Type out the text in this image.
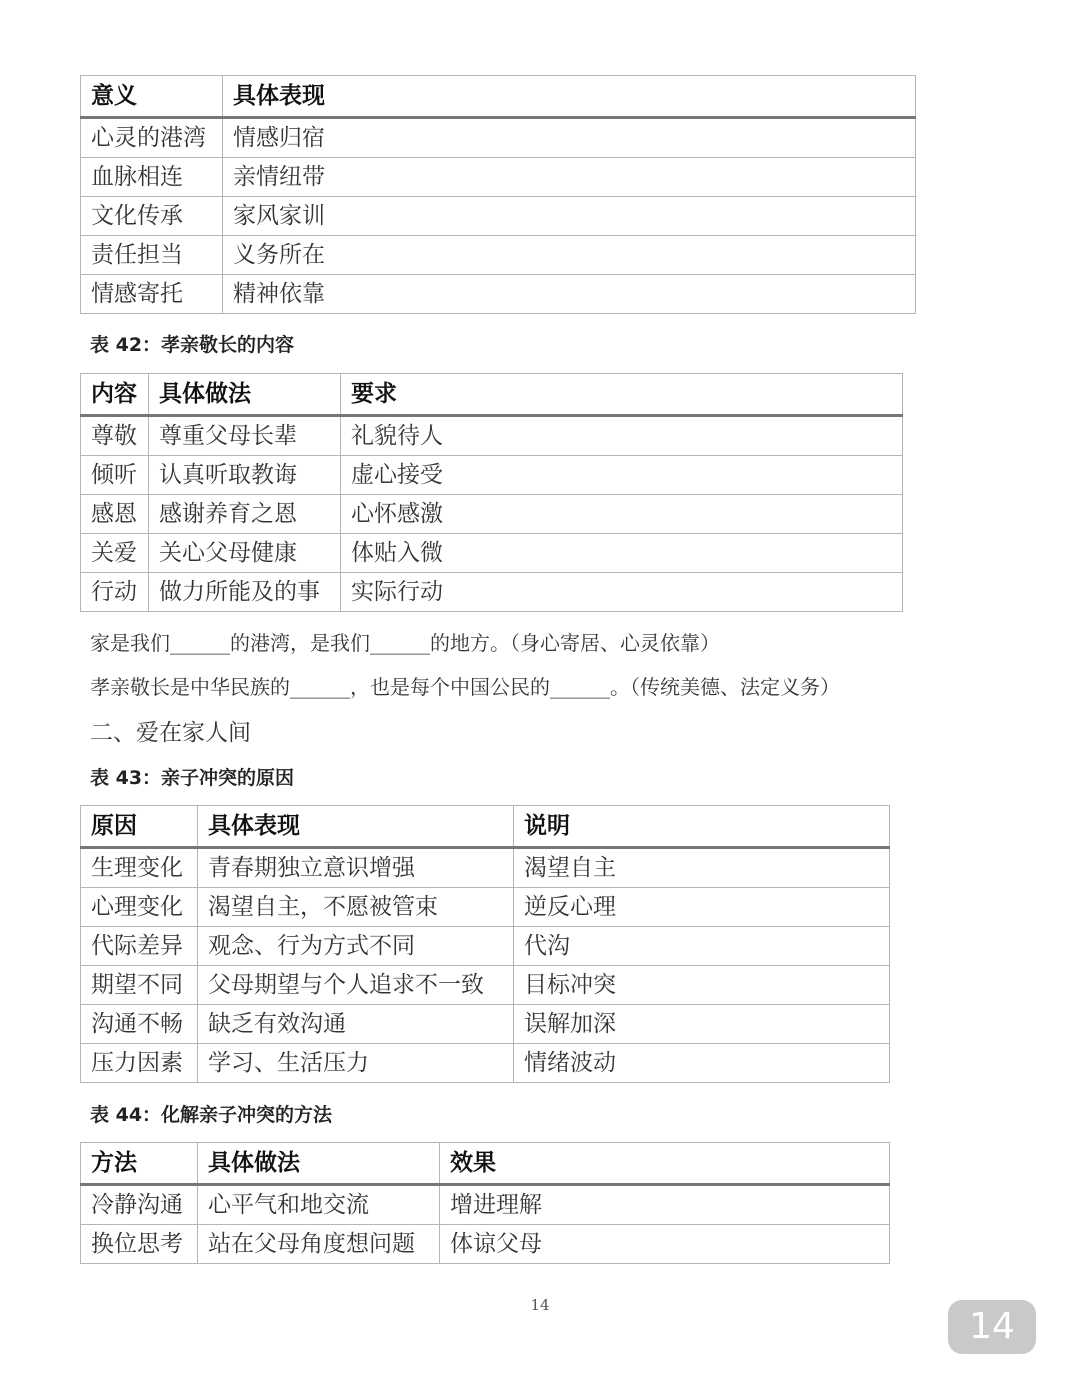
意义	具体表现
心灵的港湾	情感归宿
血脉相连	亲情纽带
文化传承	家风家训
责任担当	义务所在
情感寄托	精神依靠
表 42：孝亲敬长的内容
内容	具体做法	要求
尊敬	尊重父母长辈	礼貌待人
倾听	认真听取教诲	虚心接受
感恩	感谢养育之恩	心怀感激
关爱	关心父母健康	体贴入微
行动	做力所能及的事	实际行动
家是我们______的港湾，是我们______的地方。（身心寄居、心灵依靠）
孝亲敬长是中华民族的______，也是每个中国公民的______。（传统美德、法定义务）
二、爱在家人间
表 43：亲子冲突的原因
原因	具体表现	说明
生理变化	青春期独立意识增强	渴望自主
心理变化	渴望自主，不愿被管束	逆反心理
代际差异	观念、行为方式不同	代沟
期望不同	父母期望与个人追求不一致	目标冲突
沟通不畅	缺乏有效沟通	误解加深
压力因素	学习、生活压力	情绪波动
表 44：化解亲子冲突的方法
方法	具体做法	效果
冷静沟通	心平气和地交流	增进理解
换位思考	站在父母角度想问题	体谅父母
14
14
